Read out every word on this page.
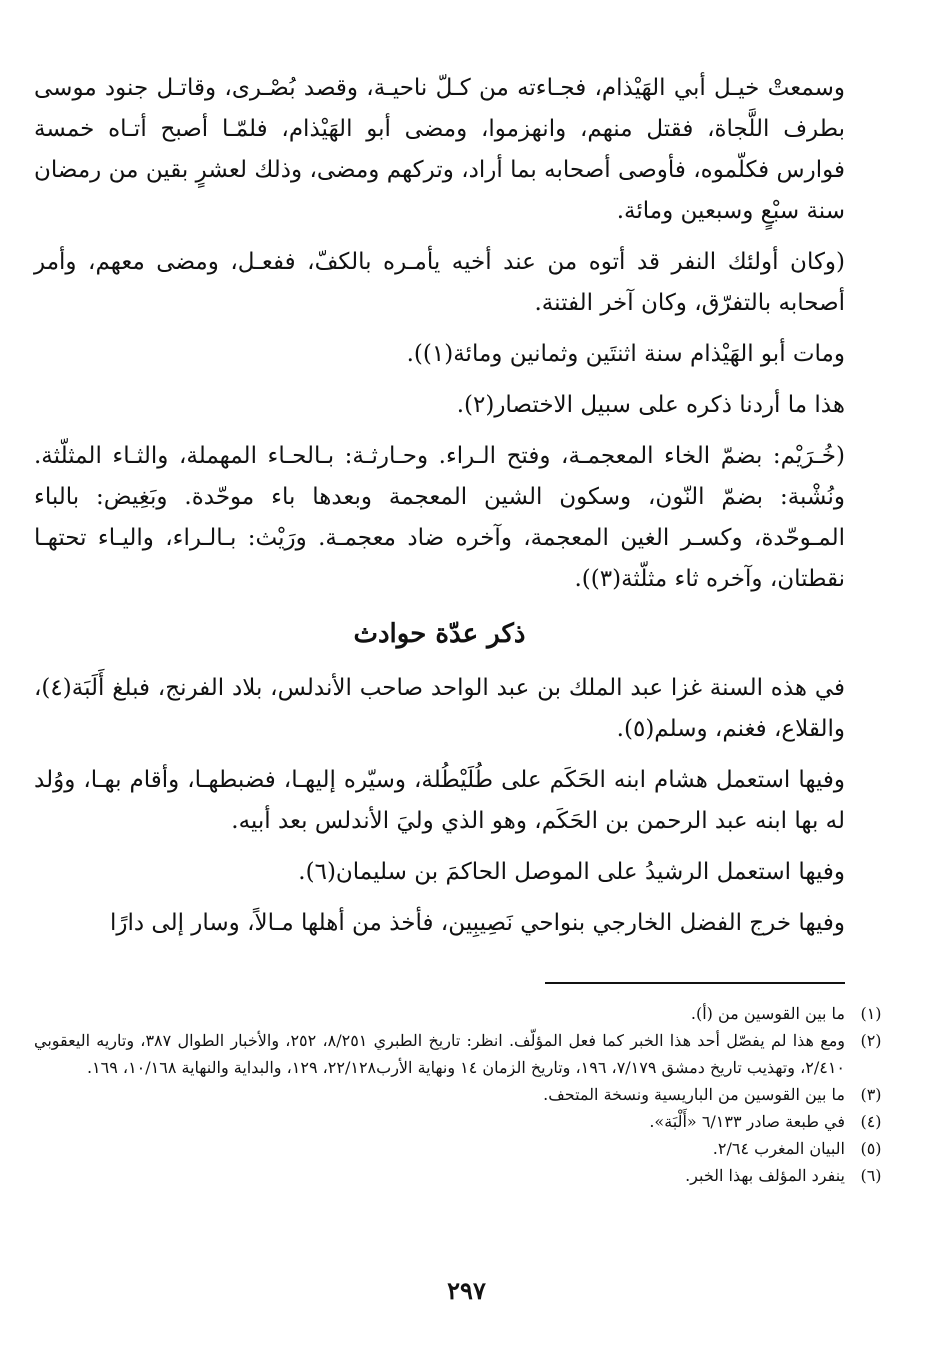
وسمعتْ خيـل أبي الهَيْذام، فجـاءته من كـلّ ناحيـة، وقصد بُصْـرى، وقاتـل جنود موسى بطرف اللَّجاة، فقتل منهم، وانهزموا، ومضى أبو الهَيْذام، فلمّـا أصبح أتـاه خمسة فوارس فكلّموه، فأوصى أصحابه بما أراد، وتركهم ومضى، وذلك لعشرٍ بقين من رمضان سنة سبْعٍ وسبعين ومائة.

(وكان أولئك النفر قد أتوه من عند أخيه يأمـره بالكفّ، ففعـل، ومضى معهم، وأمر أصحابه بالتفرّق، وكان آخر الفتنة.

ومات أبو الهَيْذام سنة اثنتَين وثمانين ومائة(١)).

هذا ما أردنا ذكره على سبيل الاختصار(٢).

(خُـرَيْم: بضمّ الخاء المعجمـة، وفتح الـراء. وحـارثـة: بـالحـاء المهملة، والثـاء المثلّثة. ونُشْبة: بضمّ النّون، وسكون الشين المعجمة وبعدها باء موحّدة. وبَغِيض: بالباء المـوحّدة، وكسـر الغين المعجمة، وآخره ضاد معجمـة. ورَيْث: بـالـراء، واليـاء تحتهـا نقطتان، وآخره ثاء مثلّثة(٣)).

ذكر عدّة حوادث

في هذه السنة غزا عبد الملك بن عبد الواحد صاحب الأندلس، بلاد الفرنج، فبلغ أَلَبَة(٤)، والقلاع، فغنم، وسلم(٥).

وفيها استعمل هشام ابنه الحَكَم على طُلَيْطُلة، وسيّره إليهـا، فضبطهـا، وأقام بهـا، ووُلد له بها ابنه عبد الرحمن بن الحَكَم، وهو الذي وليَ الأندلس بعد أبيه.

وفيها استعمل الرشيدُ على الموصل الحاكمَ بن سليمان(٦).

وفيها خرج الفضل الخارجي بنواحي نَصِيبِين، فأخذ من أهلها مـالاً، وسار إلى دارًا

(١)
ما بين القوسين من (أ).
(٢)
ومع هذا لم يفصّل أحد هذا الخبر كما فعل المؤلّف. انظر: تاريخ الطبري ٨/٢٥١، ٢٥٢، والأخبار الطوال ٣٨٧، وتاريه اليعقوبي ٢/٤١٠، وتهذيب تاريخ دمشق ٧/١٧٩، ١٩٦، وتاريخ الزمان ١٤ ونهاية الأرب٢٢/١٢٨، ١٢٩، والبداية والنهاية ١٠/١٦٨، ١٦٩.
(٣)
ما بين القوسين من الباريسية ونسخة المتحف.
(٤)
في طبعة صادر ٦/١٣٣ «أَلْبَة».
(٥)
البيان المغرب ٢/٦٤.
(٦)
ينفرد المؤلف بهذا الخبر.
٢٩٧
